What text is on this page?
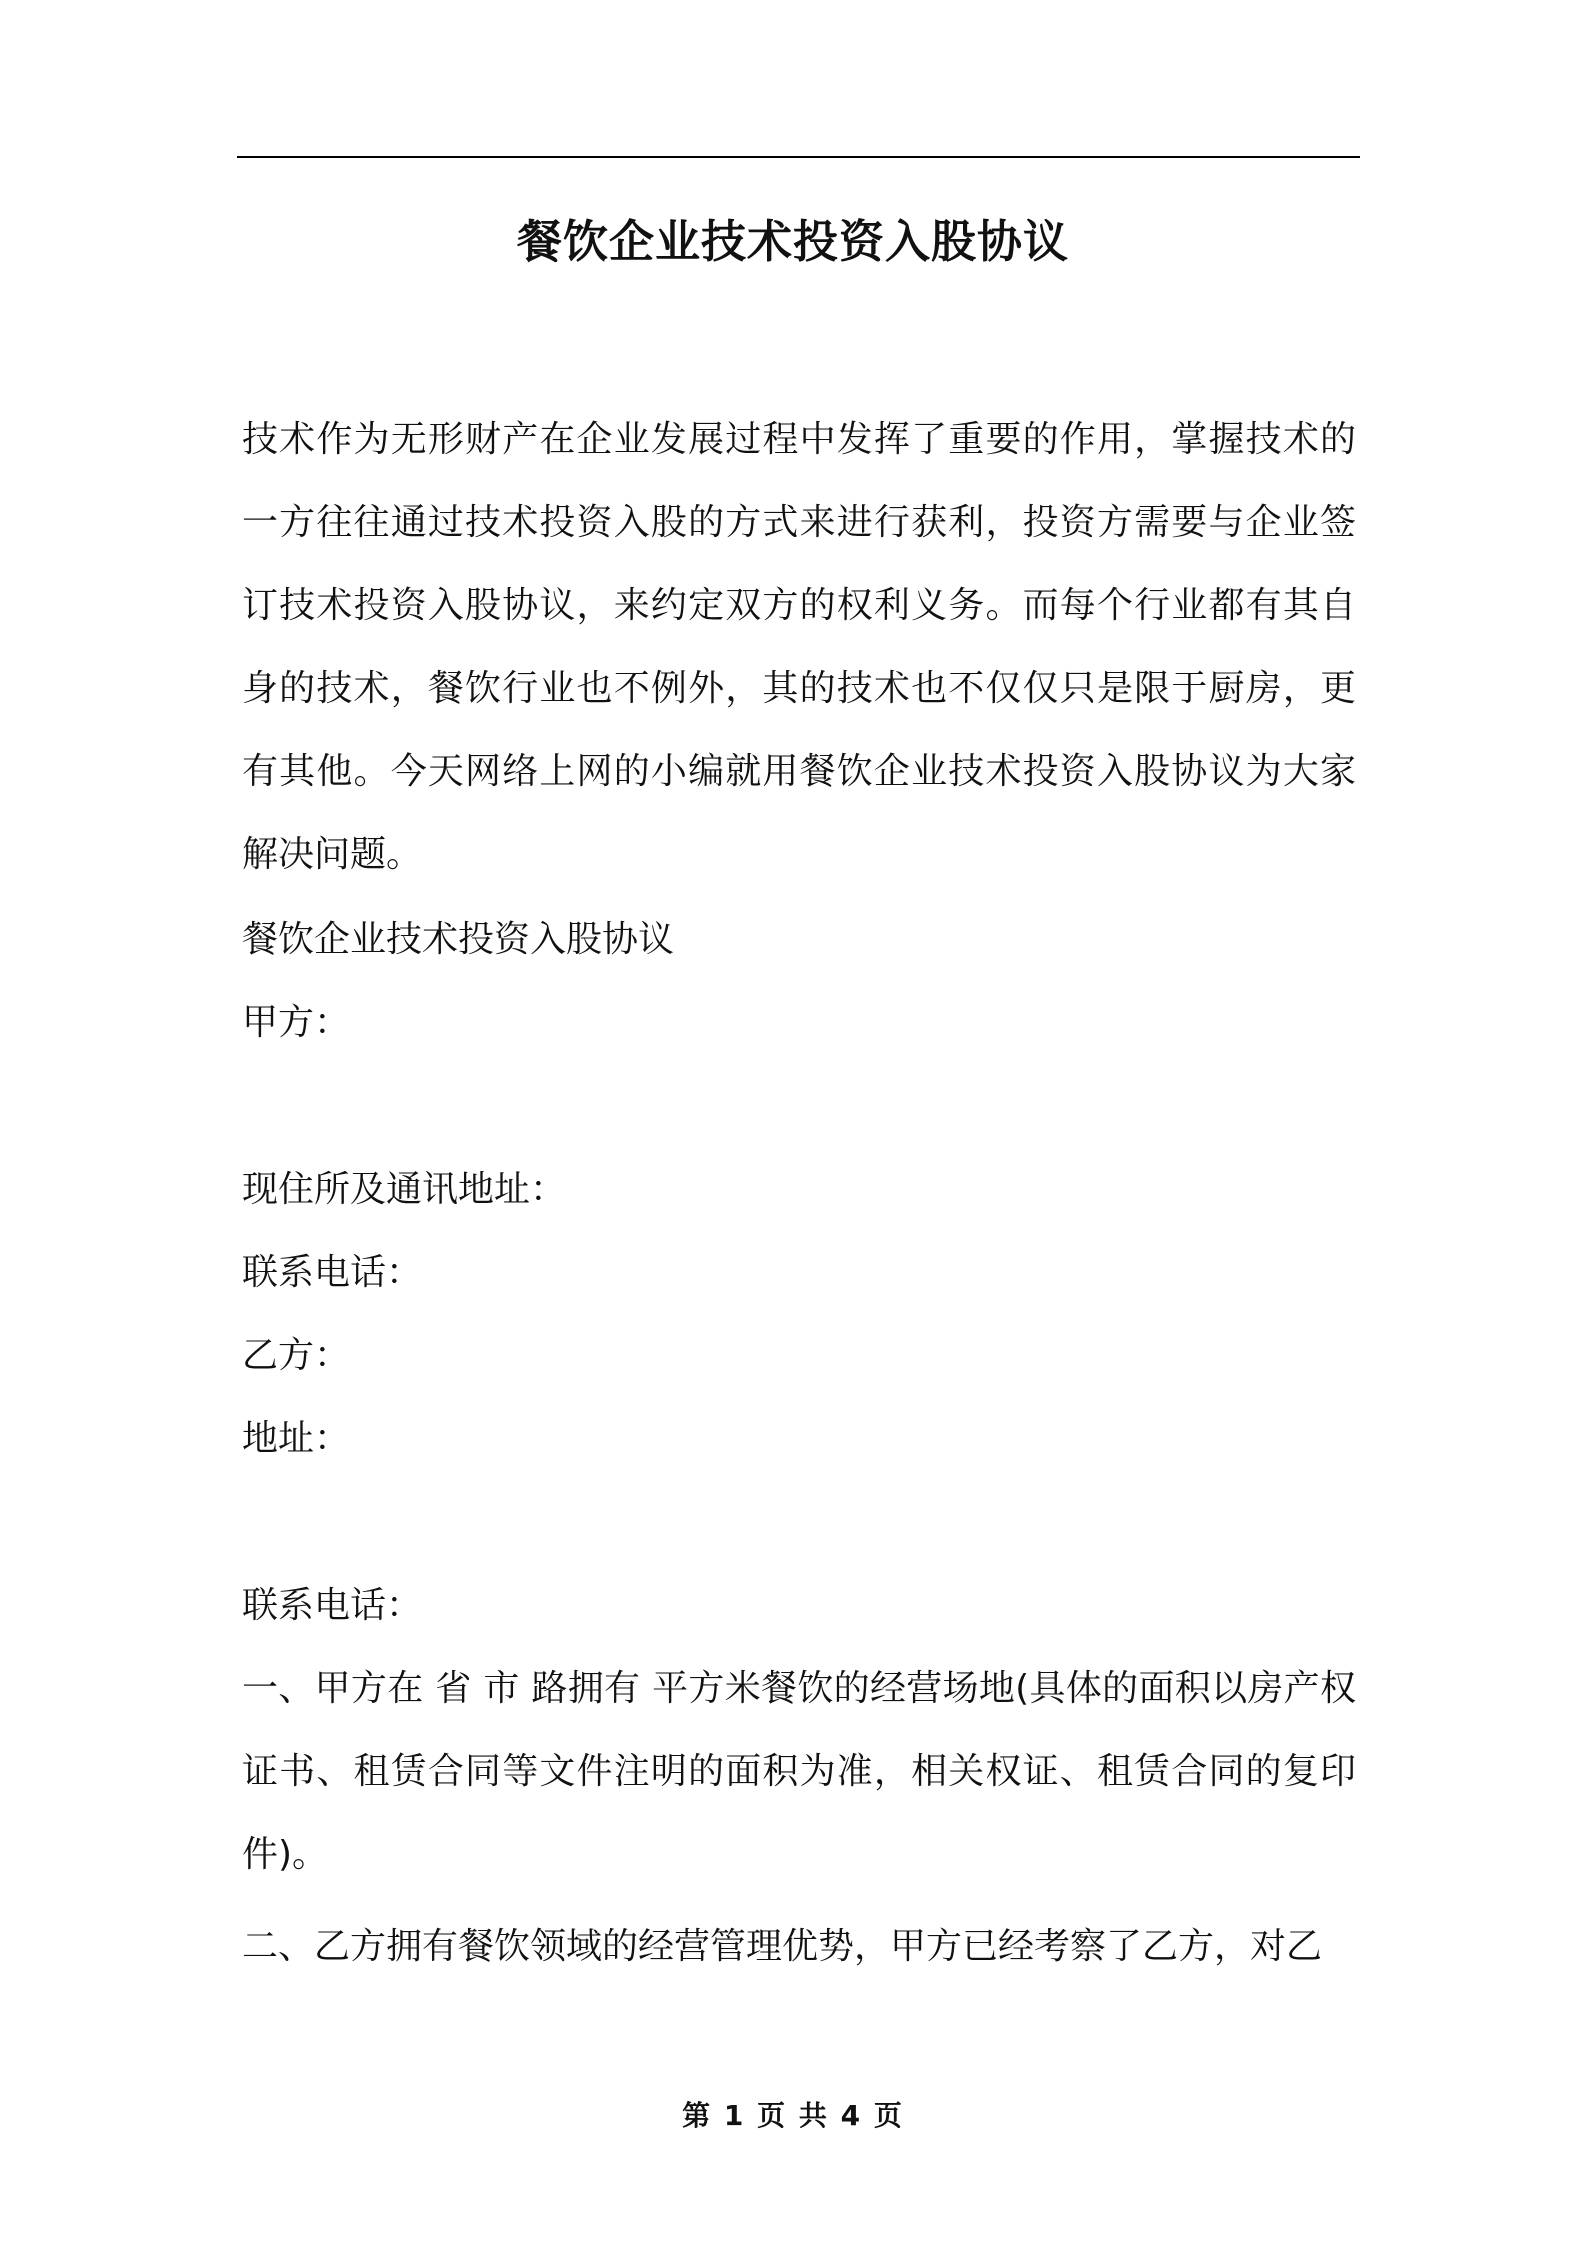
餐饮企业技术投资入股协议

技术作为无形财产在企业发展过程中发挥了重要的作用，掌握技术的一方往往通过技术投资入股的方式来进行获利，投资方需要与企业签订技术投资入股协议，来约定双方的权利义务。而每个行业都有其自身的技术，餐饮行业也不例外，其的技术也不仅仅只是限于厨房，更有其他。今天网络上网的小编就用餐饮企业技术投资入股协议为大家解决问题。

餐饮企业技术投资入股协议
甲方：
现住所及通讯地址：
联系电话：
乙方：
地址：
联系电话：

一、甲方在 省 市 路拥有 平方米餐饮的经营场地(具体的面积以房产权证书、租赁合同等文件注明的面积为准，相关权证、租赁合同的复印件)。

二、乙方拥有餐饮领域的经营管理优势，甲方已经考察了乙方，对乙
第 1 页 共 4 页
